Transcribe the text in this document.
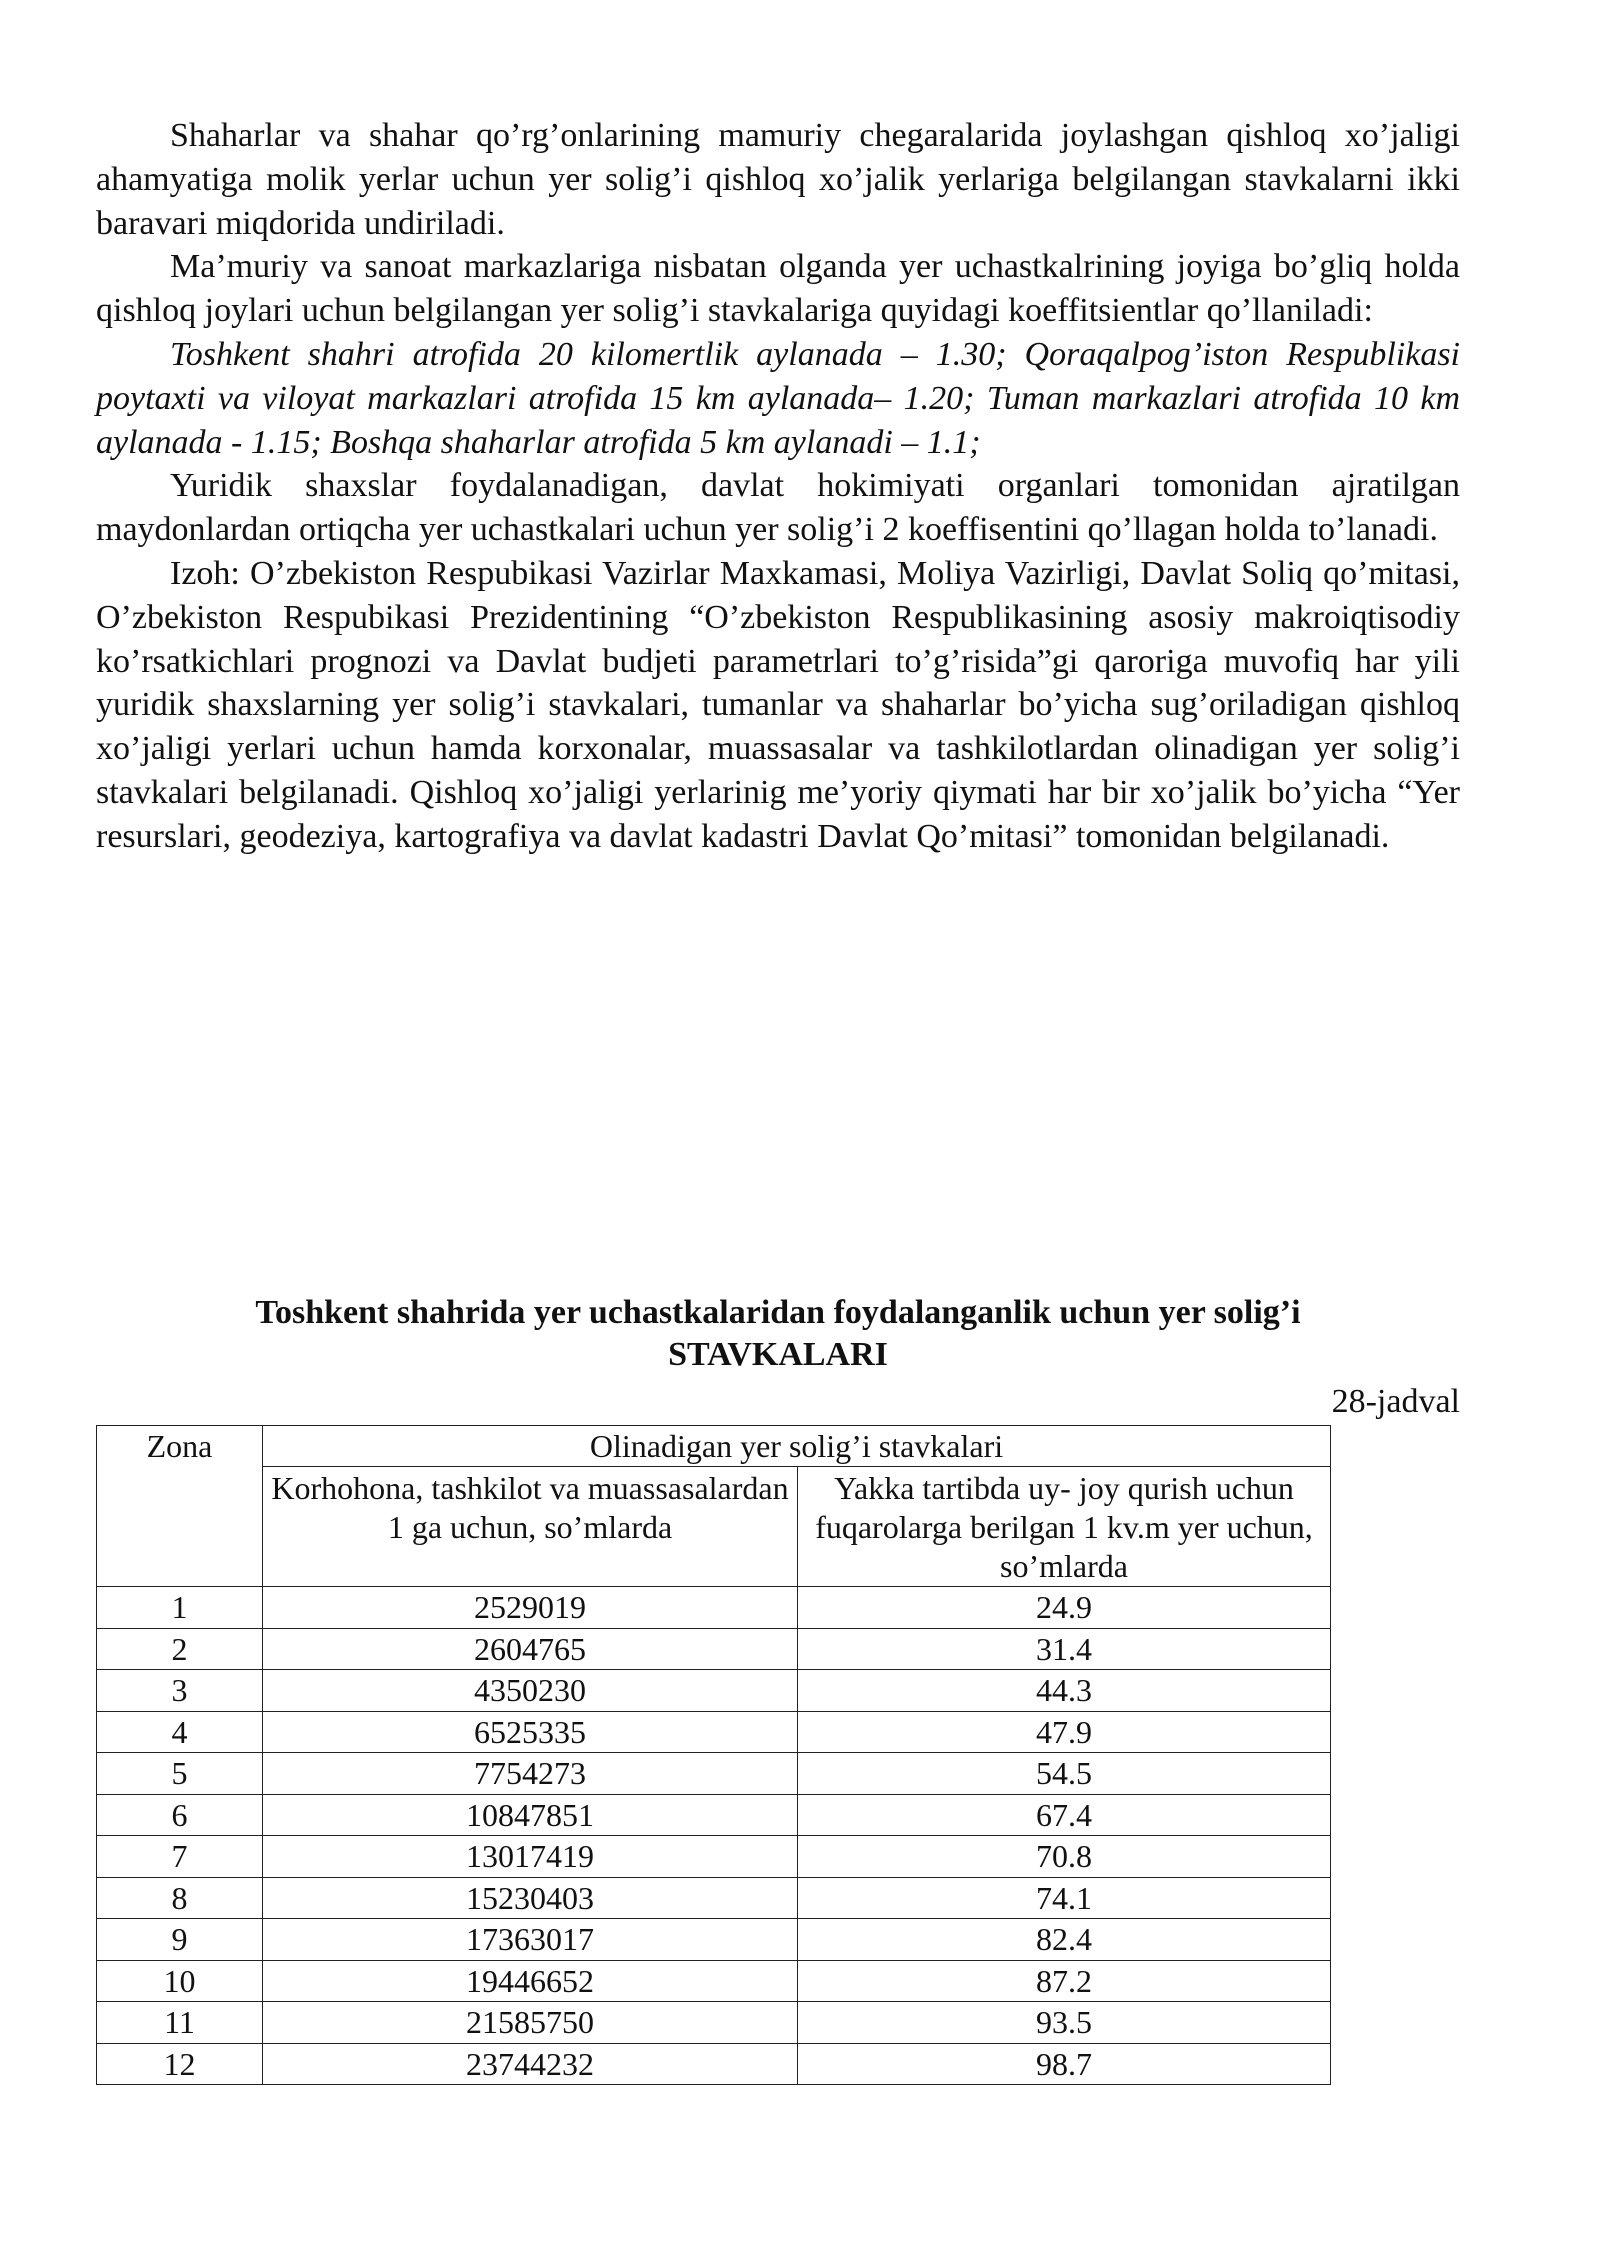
Shaharlar va shahar qo’rg’onlarining mamuriy chegaralarida joylashgan qishloq xo’jaligi ahamyatiga molik yerlar uchun yer solig’i qishloq xo’jalik yerlariga belgilangan stavkalarni ikki baravari miqdorida undiriladi.

Ma’muriy va sanoat markazlariga nisbatan olganda yer uchastkalrining joyiga bo’gliq holda qishloq joylari uchun belgilangan yer solig’i stavkalariga quyidagi koeffitsientlar qo’llaniladi:

Toshkent shahri atrofida 20 kilomertlik aylanada – 1.30; Qoraqalpog’iston Respublikasi poytaxti va viloyat markazlari atrofida 15 km aylanada– 1.20; Tuman markazlari atrofida 10 km aylanada - 1.15; Boshqa shaharlar atrofida 5 km aylanadi – 1.1;

Yuridik shaxslar foydalanadigan, davlat hokimiyati organlari tomonidan ajratilgan maydonlardan ortiqcha yer uchastkalari uchun yer solig’i 2 koeffisentini qo’llagan holda to’lanadi.

Izoh: O’zbekiston Respubikasi Vazirlar Maxkamasi, Moliya Vazirligi, Davlat Soliq qo’mitasi, O’zbekiston Respubikasi Prezidentining “O’zbekiston Respublikasining asosiy makroiqtisodiy ko’rsatkichlari prognozi va Davlat budjeti parametrlari to’g’risida”gi qaroriga muvofiq har yili yuridik shaxslarning yer solig’i stavkalari, tumanlar va shaharlar bo’yicha sug’oriladigan qishloq xo’jaligi yerlari uchun hamda korxonalar, muassasalar va tashkilotlardan olinadigan yer solig’i stavkalari belgilanadi. Qishloq xo’jaligi yerlarinig me’yoriy qiymati har bir xo’jalik bo’yicha “Yer resurslari, geodeziya, kartografiya va davlat kadastri Davlat Qo’mitasi” tomonidan belgilanadi.

Toshkent shahrida yer uchastkalaridan foydalanganlik uchun yer solig’i
STAVKALARI
28-jadval
Zona	Olinadigan yer solig’i stavkalari	
	Korhohona, tashkilot va muassasalardan 1 ga uchun, so’mlarda	Yakka tartibda uy- joy qurish uchun fuqarolarga berilgan 1 kv.m yer uchun, so’mlarda
1	2529019	24.9
2	2604765	31.4
3	4350230	44.3
4	6525335	47.9
5	7754273	54.5
6	10847851	67.4
7	13017419	70.8
8	15230403	74.1
9	17363017	82.4
10	19446652	87.2
11	21585750	93.5
12	23744232	98.7
